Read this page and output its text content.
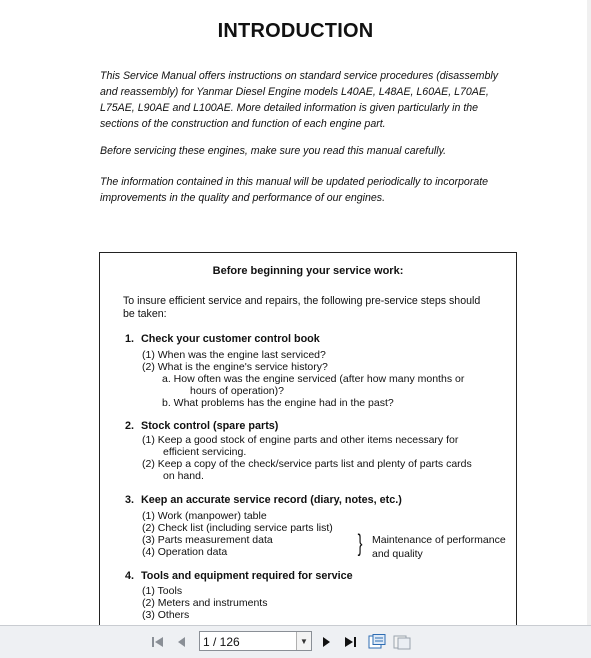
INTRODUCTION
This Service Manual offers instructions on standard service procedures (disassembly
and reassembly) for Yanmar Diesel Engine models L40AE, L48AE, L60AE, L70AE,
L75AE, L90AE and L100AE. More detailed information is given particularly in the
sections of the construction and function of each engine part.
Before servicing these engines, make sure you read this manual carefully.
The information contained in this manual will be updated periodically to incorporate
improvements in the quality and performance of our engines.
Before beginning your service work:
To insure efficient service and repairs, the following pre-service steps should
be taken:
1. Check your customer control book
(1) When was the engine last serviced?
(2) What is the engine's service history?
a. How often was the engine serviced (after how many months or
hours of operation)?
b. What problems has the engine had in the past?
2. Stock control (spare parts)
(1) Keep a good stock of engine parts and other items necessary for
efficient servicing.
(2) Keep a copy of the check/service parts list and plenty of parts cards
on hand.
3. Keep an accurate service record (diary, notes, etc.)
(1) Work (manpower) table
(2) Check list (including service parts list)
(3) Parts measurement data
(4) Operation data	} Maintenance of performance
and quality
4. Tools and equipment required for service
(1) Tools
(2) Meters and instruments
(3) Others
1 / 126	▼
